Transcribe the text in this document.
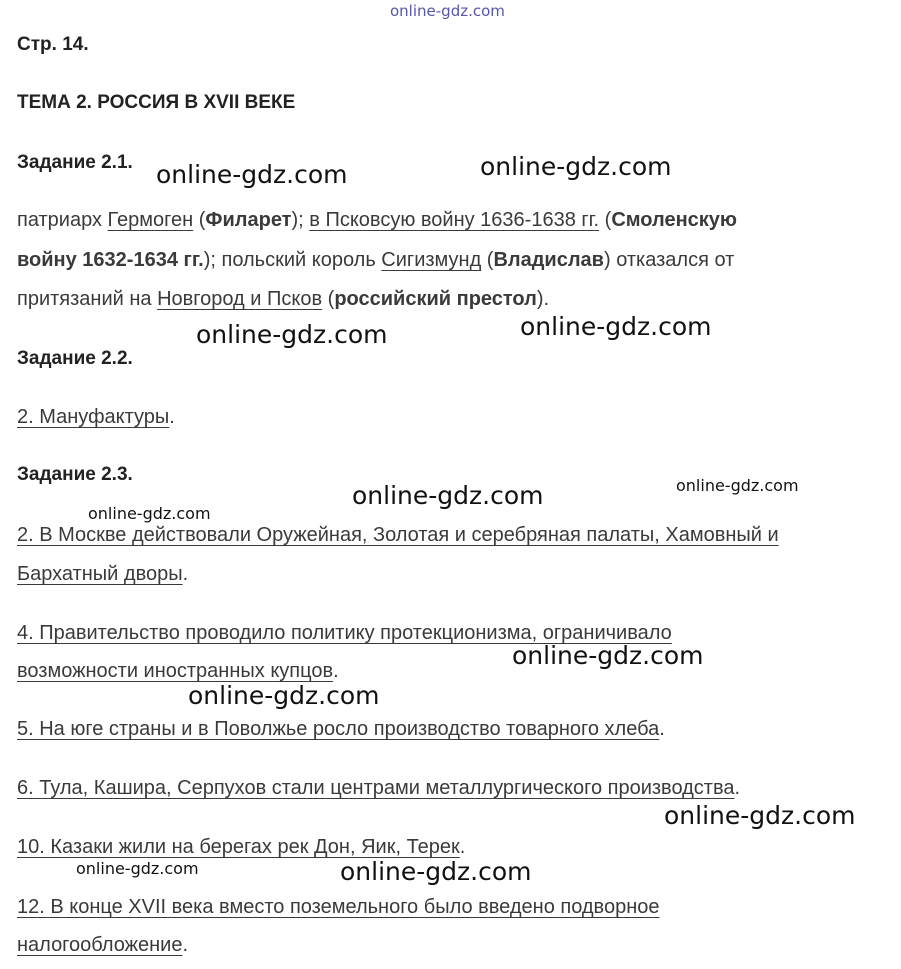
online-gdz.com
Стр. 14.
ТЕМА 2. РОССИЯ В XVII ВЕКЕ
Задание 2.1.
патриарх Гермоген (Филарет); в Псковсую войну 1636-1638 гг. (Смоленскую
войну 1632-1634 гг.); польский король Сигизмунд (Владислав) отказался от
притязаний на Новгород и Псков (российский престол).
Задание 2.2.
2. Мануфактуры.
Задание 2.3.
2. В Москве действовали Оружейная, Золотая и серебряная палаты, Хамовный и
Бархатный дворы.
4. Правительство проводило политику протекционизма, ограничивало
возможности иностранных купцов.
5. На юге страны и в Поволжье росло производство товарного хлеба.
6. Тула, Кашира, Серпухов стали центрами металлургического производства.
10. Казаки жили на берегах рек Дон, Яик, Терек.
12. В конце XVII века вместо поземельного было введено подворное
налогообложение.
online-gdz.com	online-gdz.com
online-gdz.com	online-gdz.com
online-gdz.com
online-gdz.com	online-gdz.com
online-gdz.com
online-gdz.com
online-gdz.com
online-gdz.com	online-gdz.com
